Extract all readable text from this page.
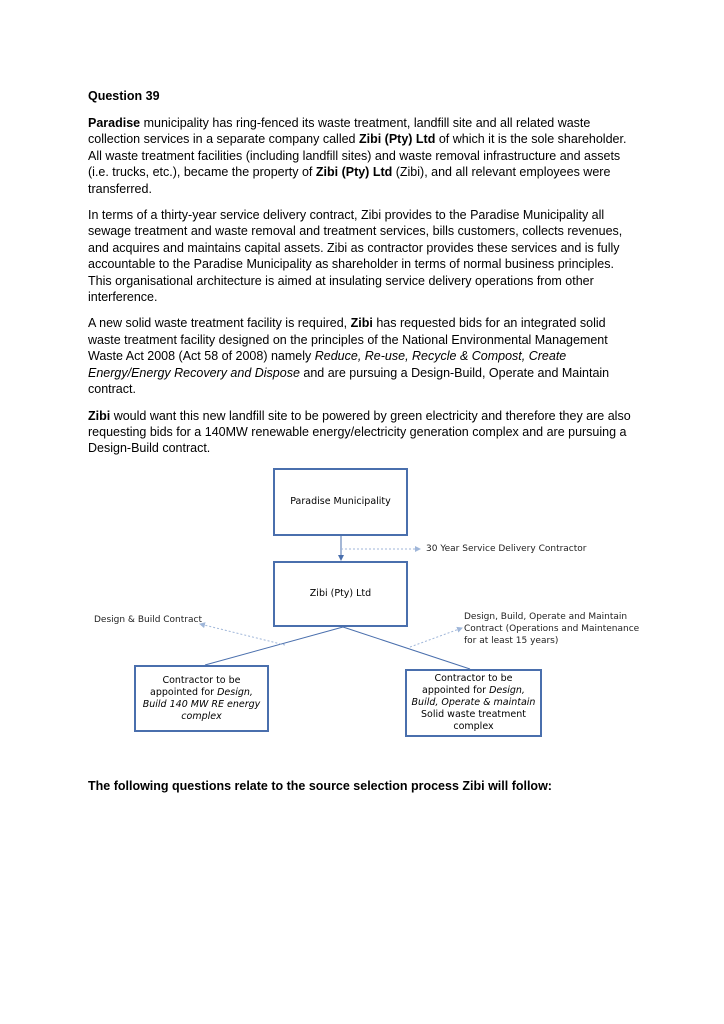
Question 39

Paradise municipality has ring-fenced its waste treatment, landfill site and all related waste collection services in a separate company called Zibi (Pty) Ltd of which it is the sole shareholder. All waste treatment facilities (including landfill sites) and waste removal infrastructure and assets (i.e. trucks, etc.), became the property of Zibi (Pty) Ltd (Zibi), and all relevant employees were transferred.

In terms of a thirty-year service delivery contract, Zibi provides to the Paradise Municipality all sewage treatment and waste removal and treatment services, bills customers, collects revenues, and acquires and maintains capital assets. Zibi as contractor provides these services and is fully accountable to the Paradise Municipality as shareholder in terms of normal business principles. This organisational architecture is aimed at insulating service delivery operations from other interference.

A new solid waste treatment facility is required, Zibi has requested bids for an integrated solid waste treatment facility designed on the principles of the National Environmental Management Waste Act 2008 (Act 58 of 2008) namely Reduce, Re-use, Recycle & Compost, Create Energy/Energy Recovery and Dispose and are pursuing a Design-Build, Operate and Maintain contract.

Zibi would want this new landfill site to be powered by green electricity and therefore they are also requesting bids for a 140MW renewable energy/electricity generation complex and are pursuing a Design-Build contract.

Paradise Municipality
30 Year Service Delivery Contractor
Zibi (Pty) Ltd
Design & Build Contract	Design, Build, Operate and Maintain
Contract (Operations and Maintenance
for at least 15 years)
Contractor to be
appointed for Design,
Build 140 MW RE energy
complex
Contractor to be
appointed for Design,
Build, Operate & maintain
Solid waste treatment
complex
The following questions relate to the source selection process Zibi will follow:
